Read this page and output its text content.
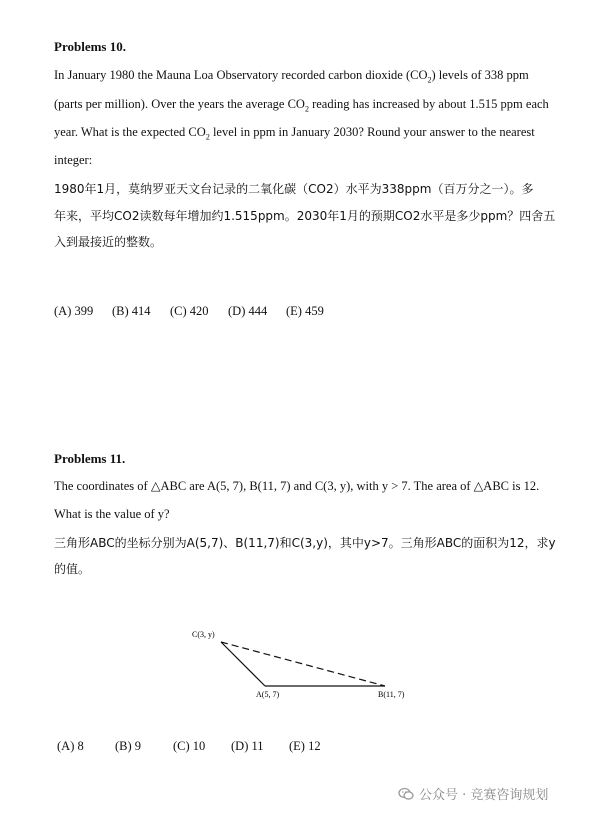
Problems 10.
In January 1980 the Mauna Loa Observatory recorded carbon dioxide $(CO_2)$ levels of 338 ppm
(parts per million). Over the years the average $CO_2$ reading has increased by about 1.515 ppm each
year. What is the expected $CO_2$ level in ppm in January 2030? Round your answer to the nearest
integer:
1980年1月，莫纳罗亚天文台记录的二氧化碳（CO2）水平为338ppm（百万分之一）。多
年来，平均CO2读数每年增加约1.515ppm。2030年1月的预期CO2水平是多少ppm？四舍五
入到最接近的整数。
(A) 399 (B) 414 (C) 420 (D) 444 (E) 459
Problems 11.
The coordinates of △ABC are A(5, 7), B(11, 7) and C(3, y), with y > 7. The area of △ABC is 12.
What is the value of y?
三角形ABC的坐标分别为A(5,7)、B(11,7)和C(3,y)，其中y>7。三角形ABC的面积为12，求y
的值。
C(3, y)
A(5, 7)	B(11, 7)
(A) 8	(B) 9	(C) 10 (D) 11 (E) 12
公众号 · 竞赛咨询规划
